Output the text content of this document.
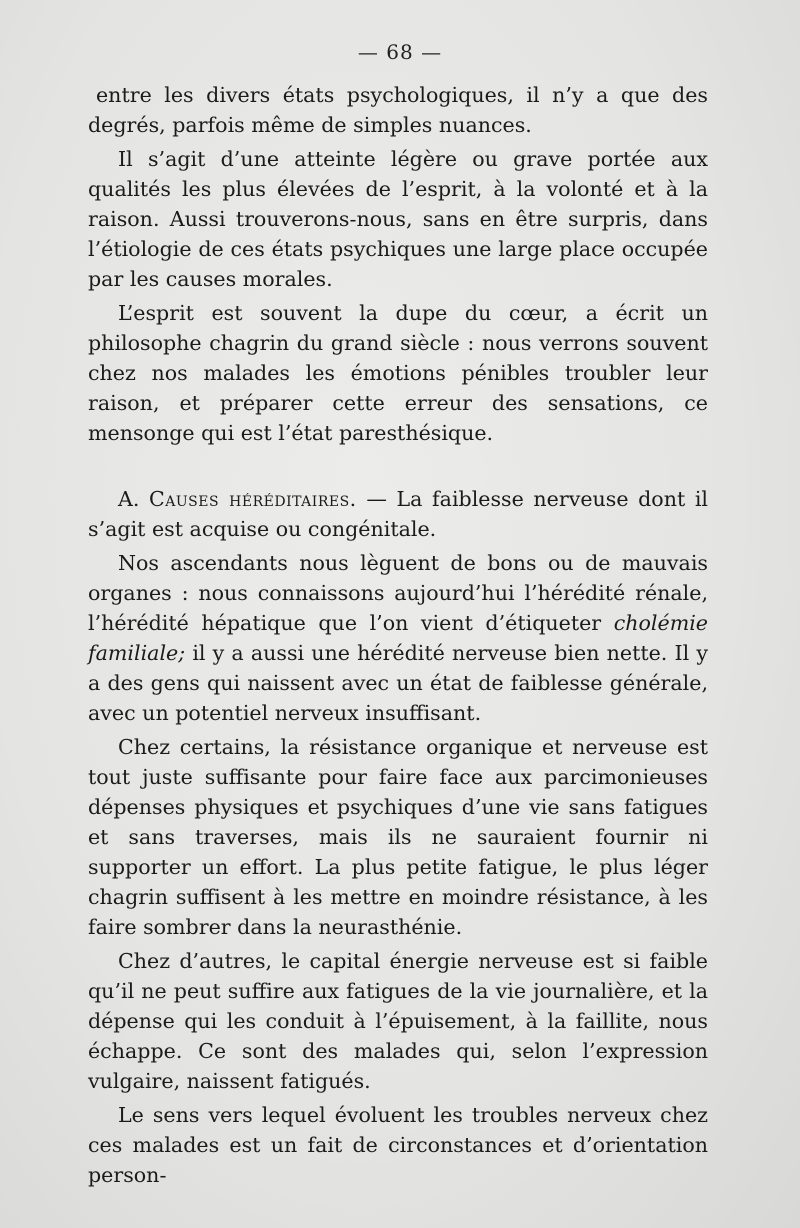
— 68 —

entre les divers états psychologiques, il n’y a que des degrés, parfois même de simples nuances.

Il s’agit d’une atteinte légère ou grave portée aux qualités les plus élevées de l’esprit, à la volonté et à la raison. Aussi trouverons-nous, sans en être surpris, dans l’étiologie de ces états psychiques une large place occupée par les causes morales.

L’esprit est souvent la dupe du cœur, a écrit un philosophe chagrin du grand siècle : nous verrons souvent chez nos malades les émotions pénibles troubler leur raison, et préparer cette erreur des sensations, ce mensonge qui est l’état paresthésique.

A. Causes héréditaires. — La faiblesse nerveuse dont il s’agit est acquise ou congénitale.

Nos ascendants nous lèguent de bons ou de mauvais organes : nous connaissons aujourd’hui l’hérédité rénale, l’hérédité hépatique que l’on vient d’étiqueter cholémie familiale; il y a aussi une hérédité nerveuse bien nette. Il y a des gens qui naissent avec un état de faiblesse générale, avec un potentiel nerveux insuffisant.

Chez certains, la résistance organique et nerveuse est tout juste suffisante pour faire face aux parcimonieuses dépenses physiques et psychiques d’une vie sans fatigues et sans traverses, mais ils ne sauraient fournir ni supporter un effort. La plus petite fatigue, le plus léger chagrin suffisent à les mettre en moindre résistance, à les faire sombrer dans la neurasthénie.

Chez d’autres, le capital énergie nerveuse est si faible qu’il ne peut suffire aux fatigues de la vie journalière, et la dépense qui les conduit à l’épuisement, à la faillite, nous échappe. Ce sont des malades qui, selon l’expression vulgaire, naissent fatigués.

Le sens vers lequel évoluent les troubles nerveux chez ces malades est un fait de circonstances et d’orientation person-
